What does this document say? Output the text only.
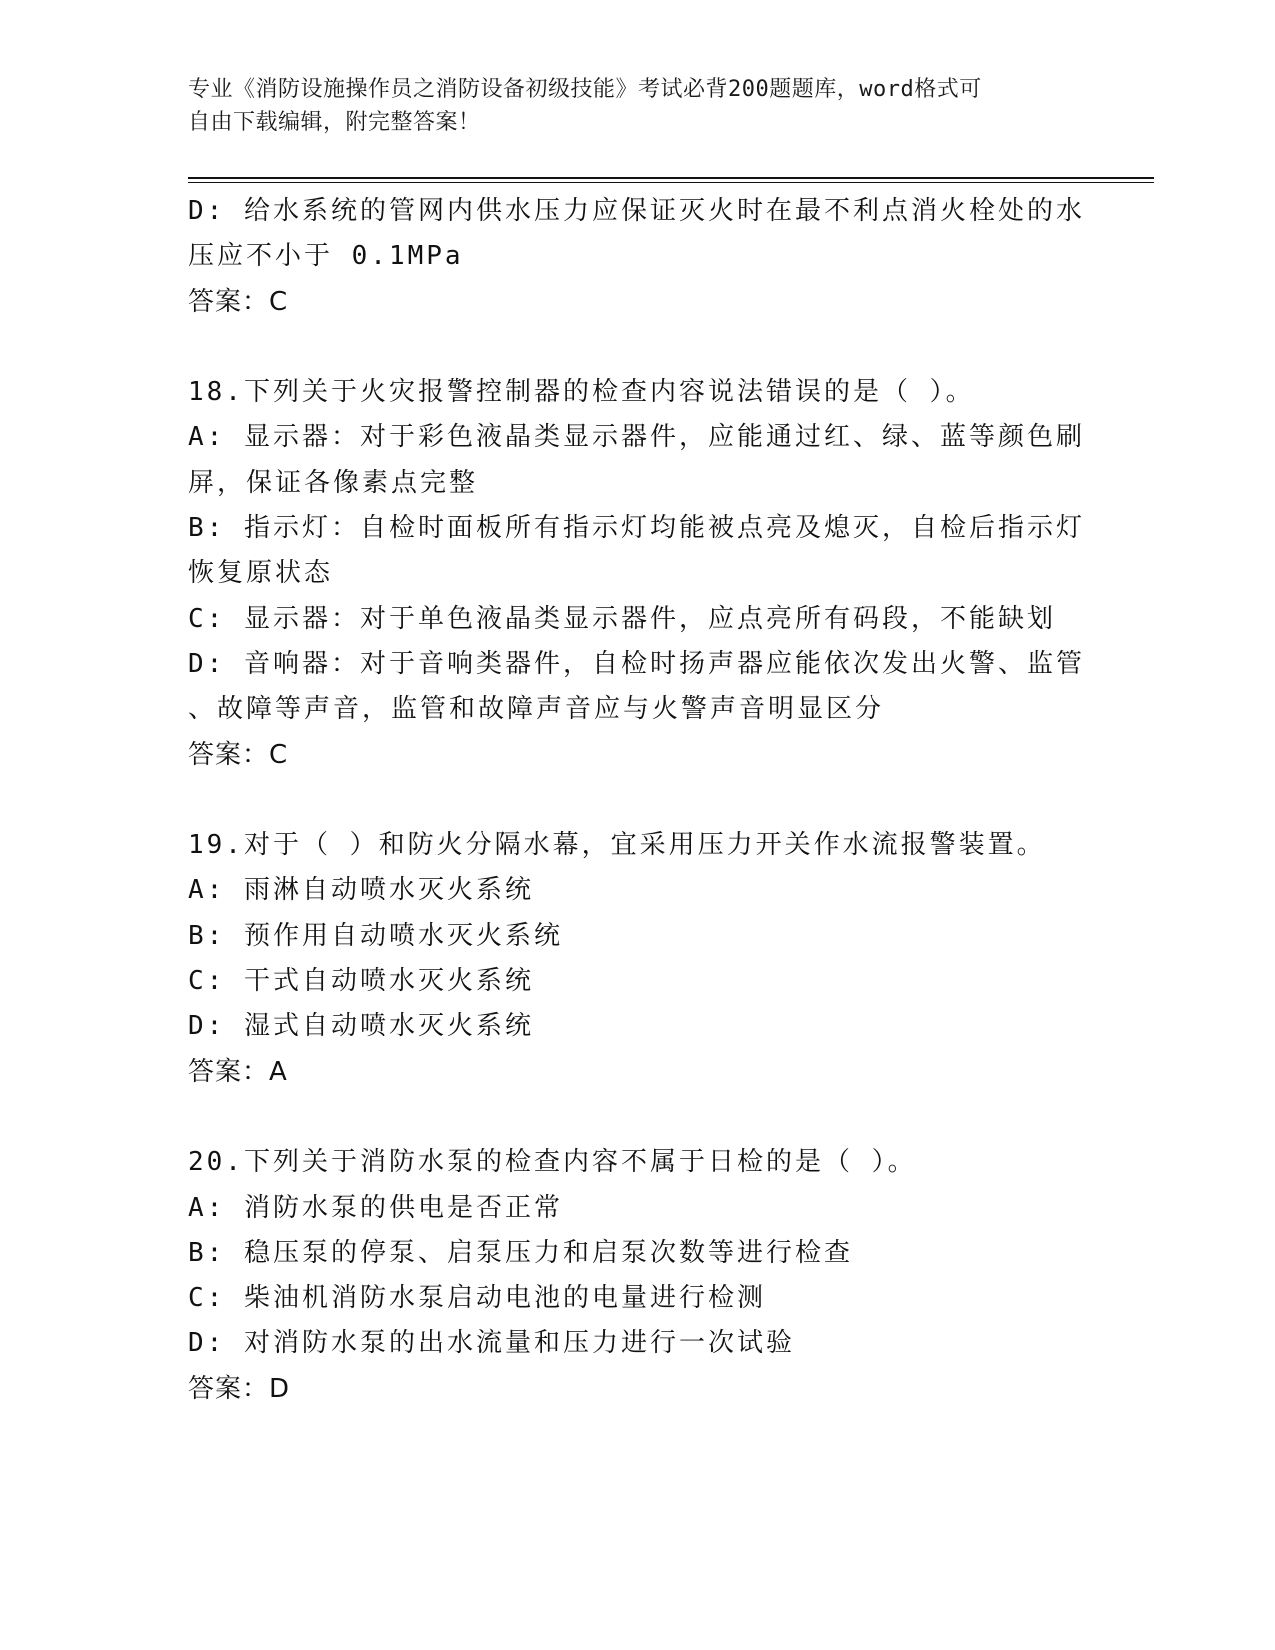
专业《消防设施操作员之消防设备初级技能》考试必背200题题库，word格式可
自由下载编辑，附完整答案！
D: 给水系统的管网内供水压力应保证灭火时在最不利点消火栓处的水
压应不小于 0.1MPa
答案：C
18.下列关于火灾报警控制器的检查内容说法错误的是（ ）。
A: 显示器：对于彩色液晶类显示器件，应能通过红、绿、蓝等颜色刷
屏，保证各像素点完整
B: 指示灯：自检时面板所有指示灯均能被点亮及熄灭，自检后指示灯
恢复原状态
C: 显示器：对于单色液晶类显示器件，应点亮所有码段，不能缺划
D: 音响器：对于音响类器件，自检时扬声器应能依次发出火警、监管
、故障等声音，监管和故障声音应与火警声音明显区分
答案：C
19.对于（ ）和防火分隔水幕，宜采用压力开关作水流报警装置。
A: 雨淋自动喷水灭火系统
B: 预作用自动喷水灭火系统
C: 干式自动喷水灭火系统
D: 湿式自动喷水灭火系统
答案：A
20.下列关于消防水泵的检查内容不属于日检的是（ ）。
A: 消防水泵的供电是否正常
B: 稳压泵的停泵、启泵压力和启泵次数等进行检查
C: 柴油机消防水泵启动电池的电量进行检测
D: 对消防水泵的出水流量和压力进行一次试验
答案：D
